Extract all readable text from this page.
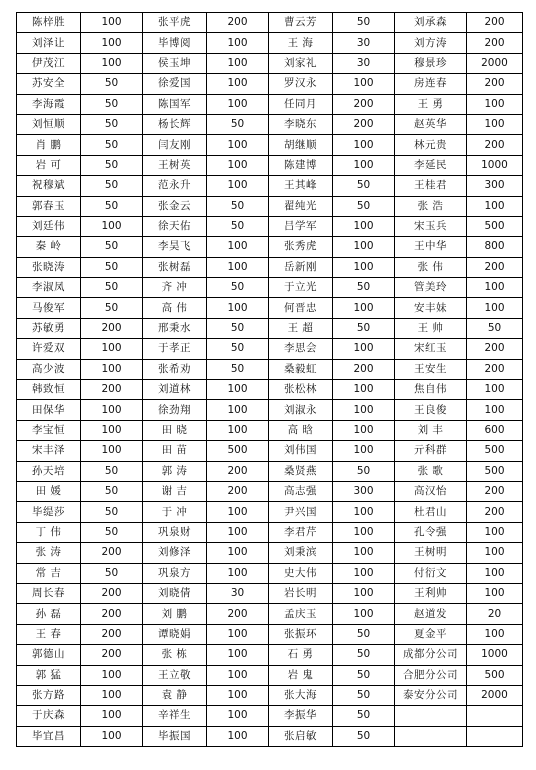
陈梓胜	100	张平虎	200	曹云芳	50	刘承森	200
刘泽让	100	毕博阅	100	王 海	30	刘方涛	200
伊茂江	100	侯玉坤	100	刘家礼	30	穆景珍	2000
苏安全	50	徐爱国	100	罗汉永	100	房连春	200
李海霞	50	陈国军	100	任同月	200	王 勇	100
刘恒顺	50	杨长辉	50	李晓东	200	赵英华	100
肖 鹏	50	闫友刚	100	胡继顺	100	林元贵	200
岩 可	50	王树英	100	陈建博	100	李延民	1000
祝穆斌	50	范永升	100	王其峰	50	王桂君	300
郭春玉	50	张金云	50	翟纯光	50	张 浩	100
刘廷伟	100	徐天佑	50	吕学军	100	宋玉兵	500
秦 岭	50	李昊飞	100	张秀虎	100	王中华	800
张晓涛	50	张树磊	100	岳新刚	100	张 伟	200
李淑凤	50	齐 冲	50	于立光	50	管美玲	100
马俊军	50	高 伟	100	何晋忠	100	安丰妹	100
苏敏勇	200	邢秉水	50	王 超	50	王 帅	50
许爱双	100	于孝正	50	李思会	100	宋红玉	200
高少波	100	张希劝	50	桑毅虹	200	王安生	200
韩致恒	200	刘道林	100	张松林	100	焦自伟	100
田保华	100	徐劲翔	100	刘淑永	100	王良俊	100
李宝恒	100	田 晓	100	高 晗	100	刘 丰	600
宋丰泽	100	田 苗	500	刘伟国	100	亓科群	500
孙天培	50	郭 涛	200	桑贤燕	50	张 歌	500
田 媛	50	谢 吉	200	高志强	300	高汉怡	200
毕缇莎	50	于 冲	100	尹兴国	100	杜君山	200
丁 伟	50	巩泉财	100	李君芹	100	孔令强	100
张 涛	200	刘修泽	100	刘秉滨	100	王树明	100
常 吉	50	巩泉方	100	史大伟	100	付衍文	100
周长春	200	刘晓倩	30	岩长明	100	王利帅	100
孙 磊	200	刘 鹏	200	孟庆玉	100	赵道发	20
王 春	200	谭晓娟	100	张振环	50	夏金平	100
郭德山	200	张 栋	100	石 勇	50	成都分公司	1000
郭 猛	100	王立敬	100	岩 鬼	50	合肥分公司	500
张方路	100	袁 静	100	张大海	50	泰安分公司	2000
于庆森	100	辛祥生	100	李振华	50		
毕宜昌	100	毕振国	100	张启敏	50		
